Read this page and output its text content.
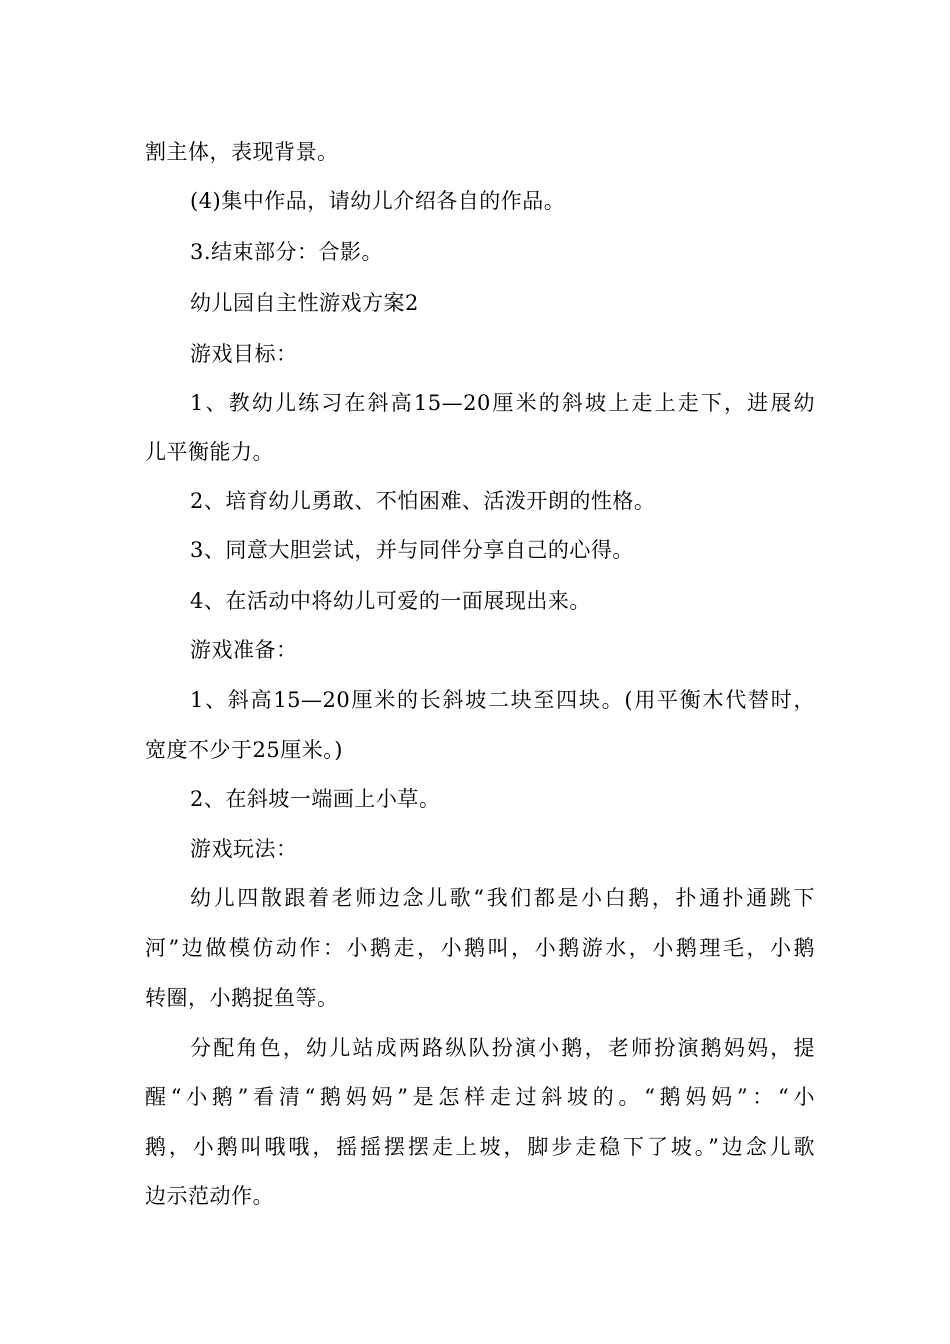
割主体，表现背景。
(4)集中作品，请幼儿介绍各自的作品。
3.结束部分：合影。
幼儿园自主性游戏方案2
游戏目标：
1、教幼儿练习在斜高15—20厘米的斜坡上走上走下，进展幼
儿平衡能力。
2、培育幼儿勇敢、不怕困难、活泼开朗的性格。
3、同意大胆尝试，并与同伴分享自己的心得。
4、在活动中将幼儿可爱的一面展现出来。
游戏准备：
1、斜高15—20厘米的长斜坡二块至四块。(用平衡木代替时，
宽度不少于25厘米。)
2、在斜坡一端画上小草。
游戏玩法：
幼儿四散跟着老师边念儿歌“我们都是小白鹅，扑通扑通跳下
河”边做模仿动作：小鹅走，小鹅叫，小鹅游水，小鹅理毛，小鹅
转圈，小鹅捉鱼等。
分配角色，幼儿站成两路纵队扮演小鹅，老师扮演鹅妈妈，提
醒“小鹅”看清“鹅妈妈”是怎样走过斜坡的。“鹅妈妈”：“小
鹅，小鹅叫哦哦，摇摇摆摆走上坡，脚步走稳下了坡。”边念儿歌
边示范动作。
